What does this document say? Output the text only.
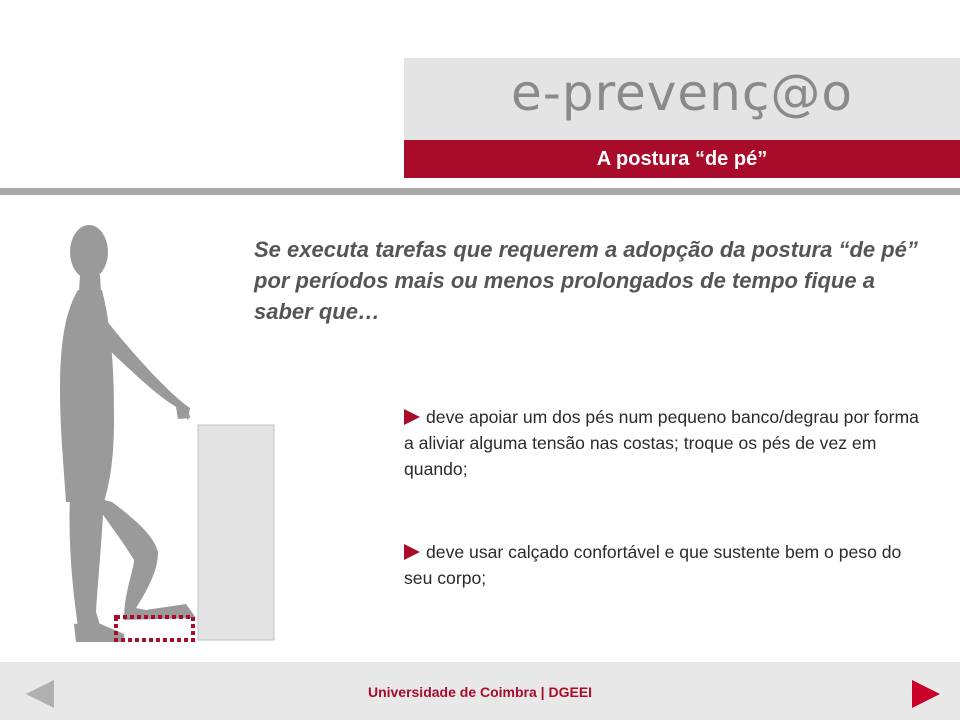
e-prevenç@o
A postura “de pé”

Se executa tarefas que requerem a adopção da postura “de pé” por períodos mais ou menos prolongados de tempo fique a saber que…

deve apoiar um dos pés num pequeno banco/degrau por forma a aliviar alguma tensão nas costas; troque os pés de vez em quando;

deve usar calçado confortável e que sustente bem o peso do seu corpo;

Universidade de Coimbra | DGEEI
